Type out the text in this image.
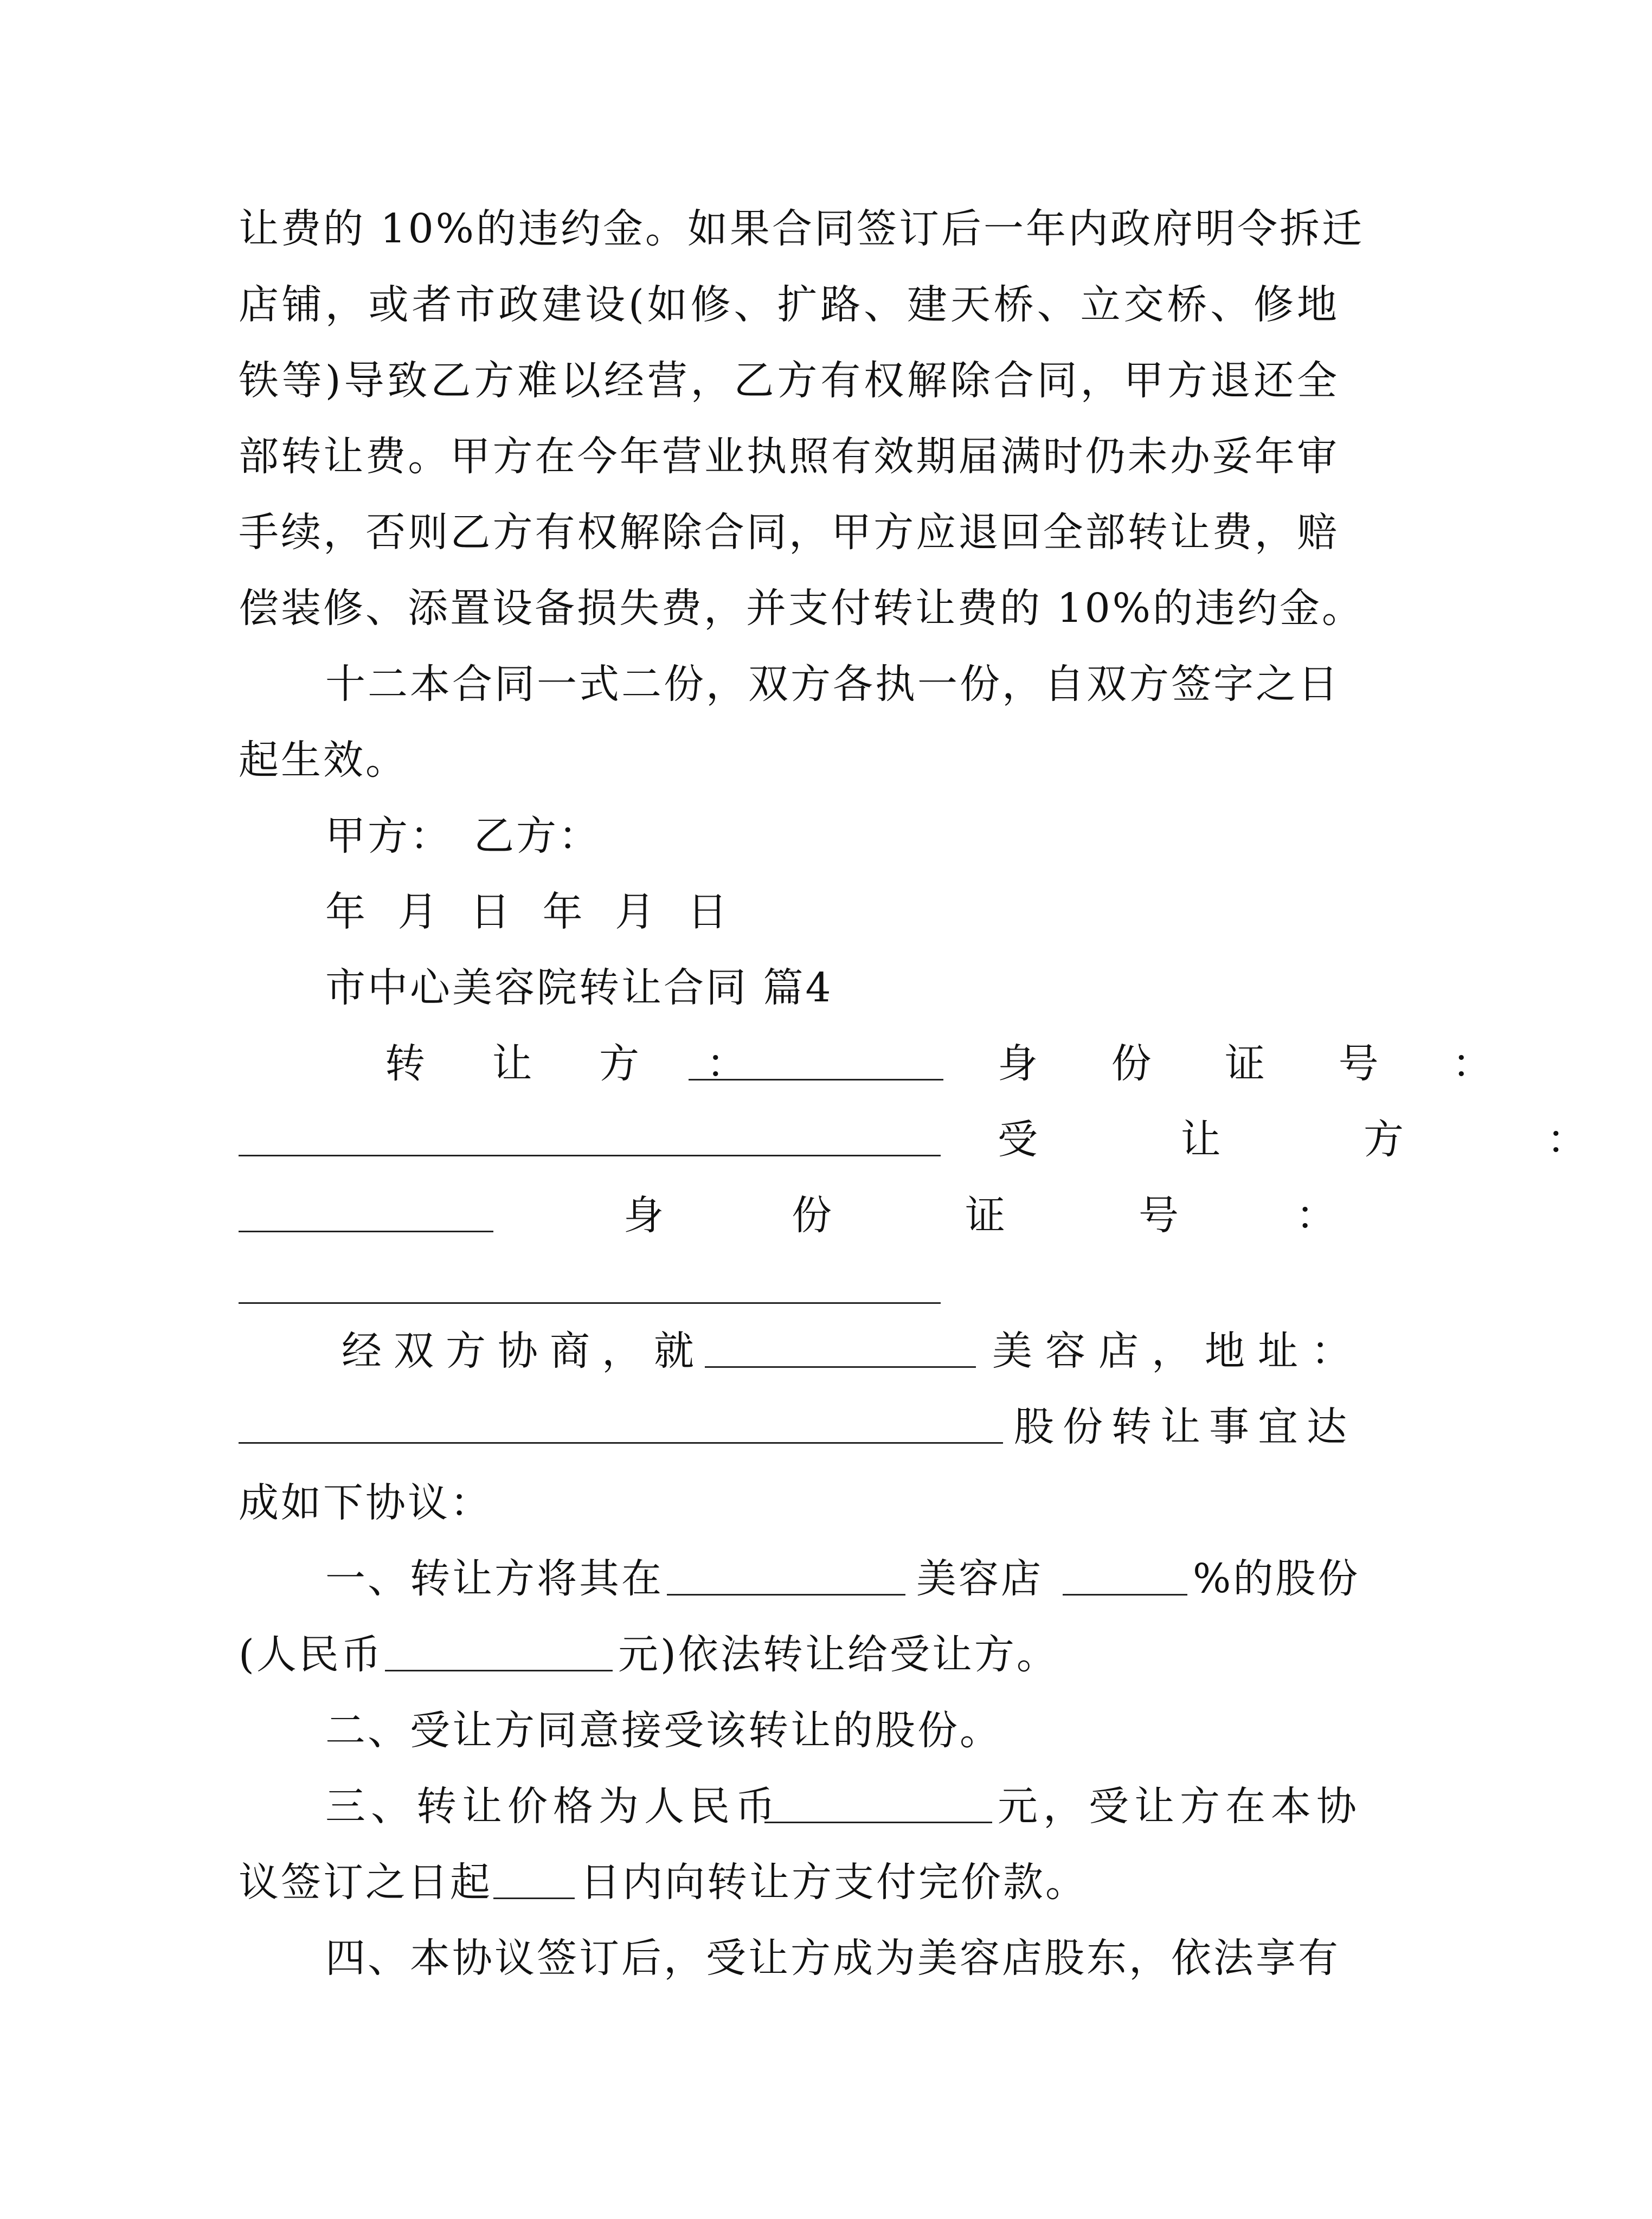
让费的 10%的违约金。如果合同签订后一年内政府明令拆迁
店铺，或者市政建设(如修、扩路、建天桥、立交桥、修地
铁等)导致乙方难以经营，乙方有权解除合同，甲方退还全
部转让费。甲方在今年营业执照有效期届满时仍未办妥年审
手续，否则乙方有权解除合同，甲方应退回全部转让费，赔
偿装修、添置设备损失费，并支付转让费的 10%的违约金。
十二本合同一式二份，双方各执一份，自双方签字之日
起生效。
甲方： 乙方：
年 月 日 年 月 日
市中心美容院转让合同 篇4
转 让 方 ：	身 份 证 号 ：
受 让 方 ：
身	份	证	号	：
经双方协商，就	美容店，地址：
股份转让事宜达
成如下协议：
一、转让方将其在	美容店	%的股份
(人民币	元)依法转让给受让方。
二、受让方同意接受该转让的股份。
三、转让价格为人民币	元，受让方在本协
议签订之日起 日内向转让方支付完价款。
四、本协议签订后，受让方成为美容店股东，依法享有
